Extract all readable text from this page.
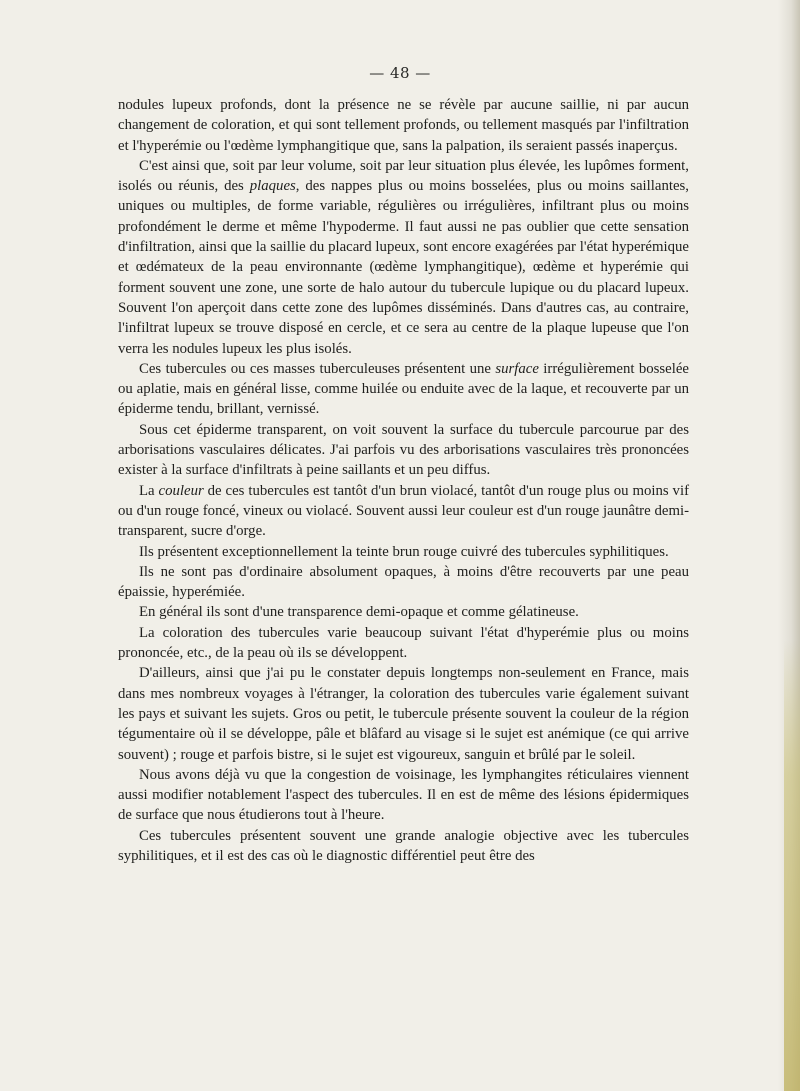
— 48 —

nodules lupeux profonds, dont la présence ne se révèle par aucune saillie, ni par aucun changement de coloration, et qui sont tellement profonds, ou tellement masqués par l'infiltration et l'hyperémie ou l'œdème lymphangitique que, sans la palpation, ils seraient passés inaperçus.

C'est ainsi que, soit par leur volume, soit par leur situation plus élevée, les lupômes forment, isolés ou réunis, des plaques, des nappes plus ou moins bosselées, plus ou moins saillantes, uniques ou multiples, de forme variable, régulières ou irrégulières, infiltrant plus ou moins profondément le derme et même l'hypoderme. Il faut aussi ne pas oublier que cette sensation d'infiltration, ainsi que la saillie du placard lupeux, sont encore exagérées par l'état hyperémique et œdémateux de la peau environnante (œdème lymphangitique), œdème et hyperémie qui forment souvent une zone, une sorte de halo autour du tubercule lupique ou du placard lupeux. Souvent l'on aperçoit dans cette zone des lupômes disséminés. Dans d'autres cas, au contraire, l'infiltrat lupeux se trouve disposé en cercle, et ce sera au centre de la plaque lupeuse que l'on verra les nodules lupeux les plus isolés.

Ces tubercules ou ces masses tuberculeuses présentent une surface irrégulièrement bosselée ou aplatie, mais en général lisse, comme huilée ou enduite avec de la laque, et recouverte par un épiderme tendu, brillant, vernissé.

Sous cet épiderme transparent, on voit souvent la surface du tubercule parcourue par des arborisations vasculaires délicates. J'ai parfois vu des arborisations vasculaires très prononcées exister à la surface d'infiltrats à peine saillants et un peu diffus.

La couleur de ces tubercules est tantôt d'un brun violacé, tantôt d'un rouge plus ou moins vif ou d'un rouge foncé, vineux ou violacé. Souvent aussi leur couleur est d'un rouge jaunâtre demi-transparent, sucre d'orge.

Ils présentent exceptionnellement la teinte brun rouge cuivré des tubercules syphilitiques.

Ils ne sont pas d'ordinaire absolument opaques, à moins d'être recouverts par une peau épaissie, hyperémiée.

En général ils sont d'une transparence demi-opaque et comme gélatineuse.

La coloration des tubercules varie beaucoup suivant l'état d'hyperémie plus ou moins prononcée, etc., de la peau où ils se développent.

D'ailleurs, ainsi que j'ai pu le constater depuis longtemps non-seulement en France, mais dans mes nombreux voyages à l'étranger, la coloration des tubercules varie également suivant les pays et suivant les sujets. Gros ou petit, le tubercule présente souvent la couleur de la région tégumentaire où il se développe, pâle et blâfard au visage si le sujet est anémique (ce qui arrive souvent) ; rouge et parfois bistre, si le sujet est vigoureux, sanguin et brûlé par le soleil.

Nous avons déjà vu que la congestion de voisinage, les lymphangites réticulaires viennent aussi modifier notablement l'aspect des tubercules. Il en est de même des lésions épidermiques de surface que nous étudierons tout à l'heure.

Ces tubercules présentent souvent une grande analogie objective avec les tubercules syphilitiques, et il est des cas où le diagnostic différentiel peut être des
